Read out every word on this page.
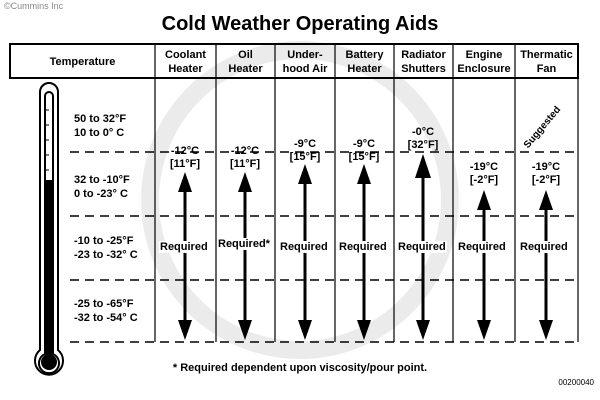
©Cummins Inc
Cold Weather Operating Aids
Temperature
Coolant
Heater
Oil
Heater
Under-
hood Air
Battery
Heater
Radiator
Shutters
Engine
Enclosure
Thermatic
Fan
50 to 32°F
10 to 0° C
32 to -10°F
0 to -23° C
-10 to -25°F
-23 to -32° C
-25 to -65°F
-32 to -54° C
-12°C
[11°F]
-12°C
[11°F]
-9°C
[15°F]
-9°C
[15°F]
-0°C
[32°F]
-19°C
[-2°F]
-19°C
[-2°F]
Required Required* Required Required Required Required Required
Suggested
* Required dependent upon viscosity/pour point.
00200040
